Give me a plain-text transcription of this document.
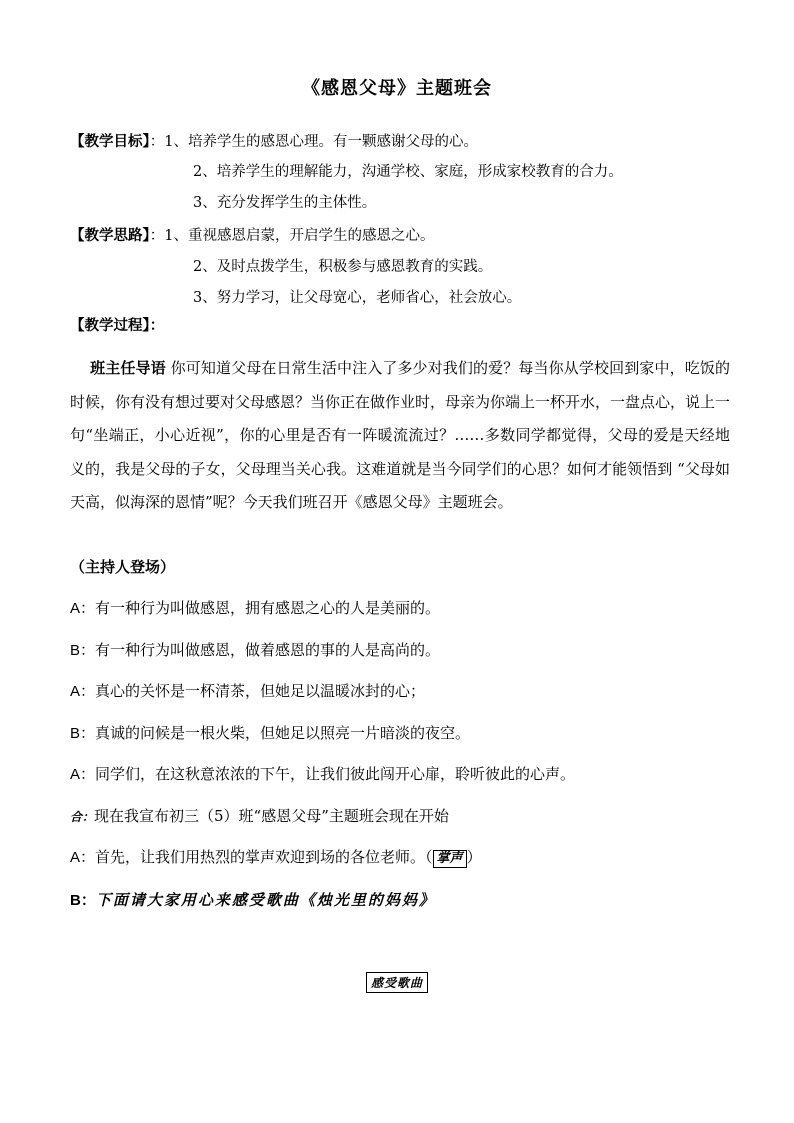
《感恩父母》主题班会
【教学目标】：1、培养学生的感恩心理。有一颗感谢父母的心。
2、培养学生的理解能力，沟通学校、家庭，形成家校教育的合力。
3、充分发挥学生的主体性。
【教学思路】：1、重视感恩启蒙，开启学生的感恩之心。
2、及时点拨学生，积极参与感恩教育的实践。
3、努力学习，让父母宽心，老师省心，社会放心。
【教学过程】：
班主任导语 你可知道父母在日常生活中注入了多少对我们的爱？每当你从学校回到家中，吃饭的时候，你有没有想过要对父母感恩？当你正在做作业时，母亲为你端上一杯开水，一盘点心，说上一句“坐端正，小心近视”，你的心里是否有一阵暖流流过？……多数同学都觉得，父母的爱是天经地义的，我是父母的子女，父母理当关心我。这难道就是当今同学们的心思？如何才能领悟到 “父母如天高，似海深的恩情”呢？今天我们班召开《感恩父母》主题班会。
（主持人登场）
A：有一种行为叫做感恩，拥有感恩之心的人是美丽的。
B：有一种行为叫做感恩，做着感恩的事的人是高尚的。
A：真心的关怀是一杯清茶，但她足以温暖冰封的心；
B：真诚的问候是一根火柴，但她足以照亮一片暗淡的夜空。
A：同学们，在这秋意浓浓的下午，让我们彼此闯开心扉，聆听彼此的心声。
合：现在我宣布初三（5）班“感恩父母”主题班会现在开始
A：首先，让我们用热烈的掌声欢迎到场的各位老师。（ 掌声 ）
B：下面请大家用心来感受歌曲《烛光里的妈妈》
感受歌曲
